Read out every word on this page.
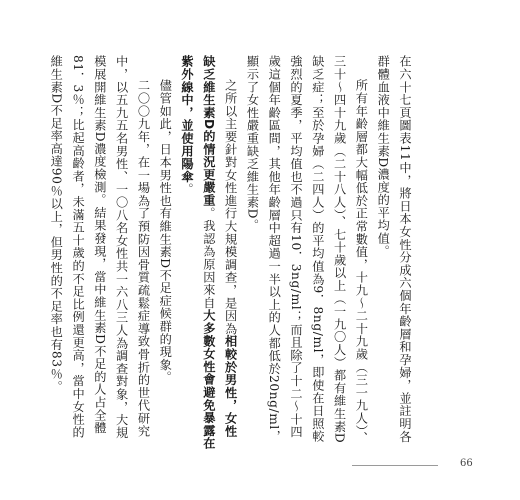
在六十七頁圖表11中，將日本女性分成六個年齡層和孕婦，並註明各群體血液中維生素D濃度的平均值。

所有年齡層都大幅低於正常數值，十九～二十九歲（三一九人）、三十～四十九歲（二十八人）、七十歲以上（一九〇人）都有維生素D缺乏症；至於孕婦（二四人）的平均值為9．8ng/ml，即使在日照較強烈的夏季，平均值也不過只有10．3ng/ml；而且除了十二～十四歲這個年齡區間，其他年齡層中超過一半以上的人都低於20ng/ml，顯示了女性嚴重缺乏維生素D。

之所以主要針對女性進行大規模調查，是因為相較於男性，女性缺乏維生素D的情況更嚴重。我認為原因來自大多數女性會避免暴露在紫外線中，並使用陽傘。

儘管如此，日本男性也有維生素D不足症候群的現象。

二〇〇九年，在一場為了預防因骨質疏鬆症導致骨折的世代研究中，以五九五名男性、一〇八名女性共一六八三人為調查對象，大規模展開維生素D濃度檢測。結果發現，當中維生素D不足的人占全體81．3％；比起高齡者，未滿五十歲的不足比例還更高，當中女性的維生素D不足率高達90％以上，但男性的不足率也有83％。

66
